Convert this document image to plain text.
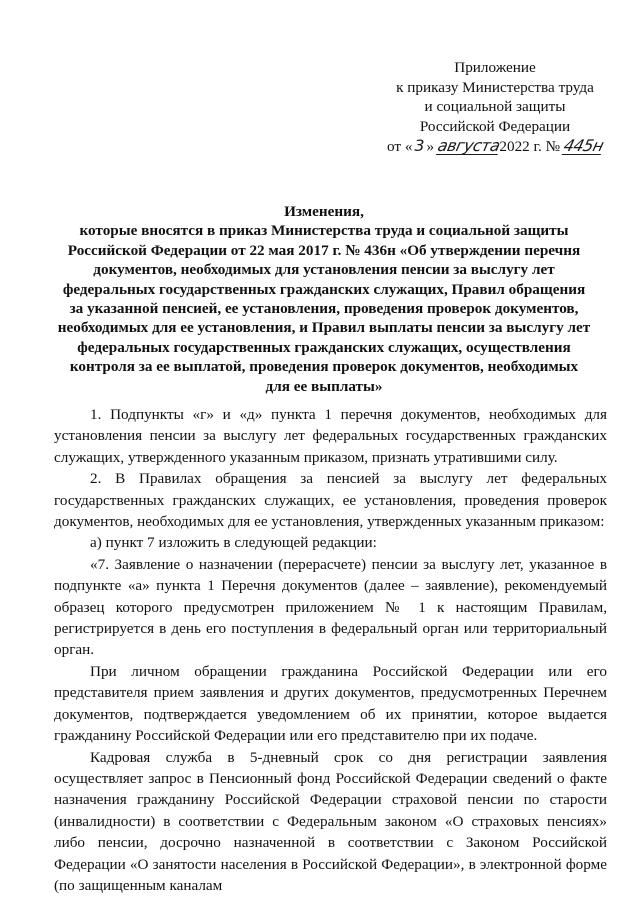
Приложение
к приказу Министерства труда
и социальной защиты
Российской Федерации
от « 3 » августа2022 г. № 445н
Изменения,
которые вносятся в приказ Министерства труда и социальной защиты
Российской Федерации от 22 мая 2017 г. № 436н «Об утверждении перечня
документов, необходимых для установления пенсии за выслугу лет
федеральных государственных гражданских служащих, Правил обращения
за указанной пенсией, ее установления, проведения проверок документов,
необходимых для ее установления, и Правил выплаты пенсии за выслугу лет
федеральных государственных гражданских служащих, осуществления
контроля за ее выплатой, проведения проверок документов, необходимых
для ее выплаты»

1. Подпункты «г» и «д» пункта 1 перечня документов, необходимых для установления пенсии за выслугу лет федеральных государственных гражданских служащих, утвержденного указанным приказом, признать утратившими силу.

2. В Правилах обращения за пенсией за выслугу лет федеральных государственных гражданских служащих, ее установления, проведения проверок документов, необходимых для ее установления, утвержденных указанным приказом:

а) пункт 7 изложить в следующей редакции:

«7. Заявление о назначении (перерасчете) пенсии за выслугу лет, указанное в подпункте «а» пункта 1 Перечня документов (далее – заявление), рекомендуемый образец которого предусмотрен приложением № 1 к настоящим Правилам, регистрируется в день его поступления в федеральный орган или территориальный орган.

При личном обращении гражданина Российской Федерации или его представителя прием заявления и других документов, предусмотренных Перечнем документов, подтверждается уведомлением об их принятии, которое выдается гражданину Российской Федерации или его представителю при их подаче.

Кадровая служба в 5-дневный срок со дня регистрации заявления осуществляет запрос в Пенсионный фонд Российской Федерации сведений о факте назначения гражданину Российской Федерации страховой пенсии по старости (инвалидности) в соответствии с Федеральным законом «О страховых пенсиях» либо пенсии, досрочно назначенной в соответствии с Законом Российской Федерации «О занятости населения в Российской Федерации», в электронной форме (по защищенным каналам
